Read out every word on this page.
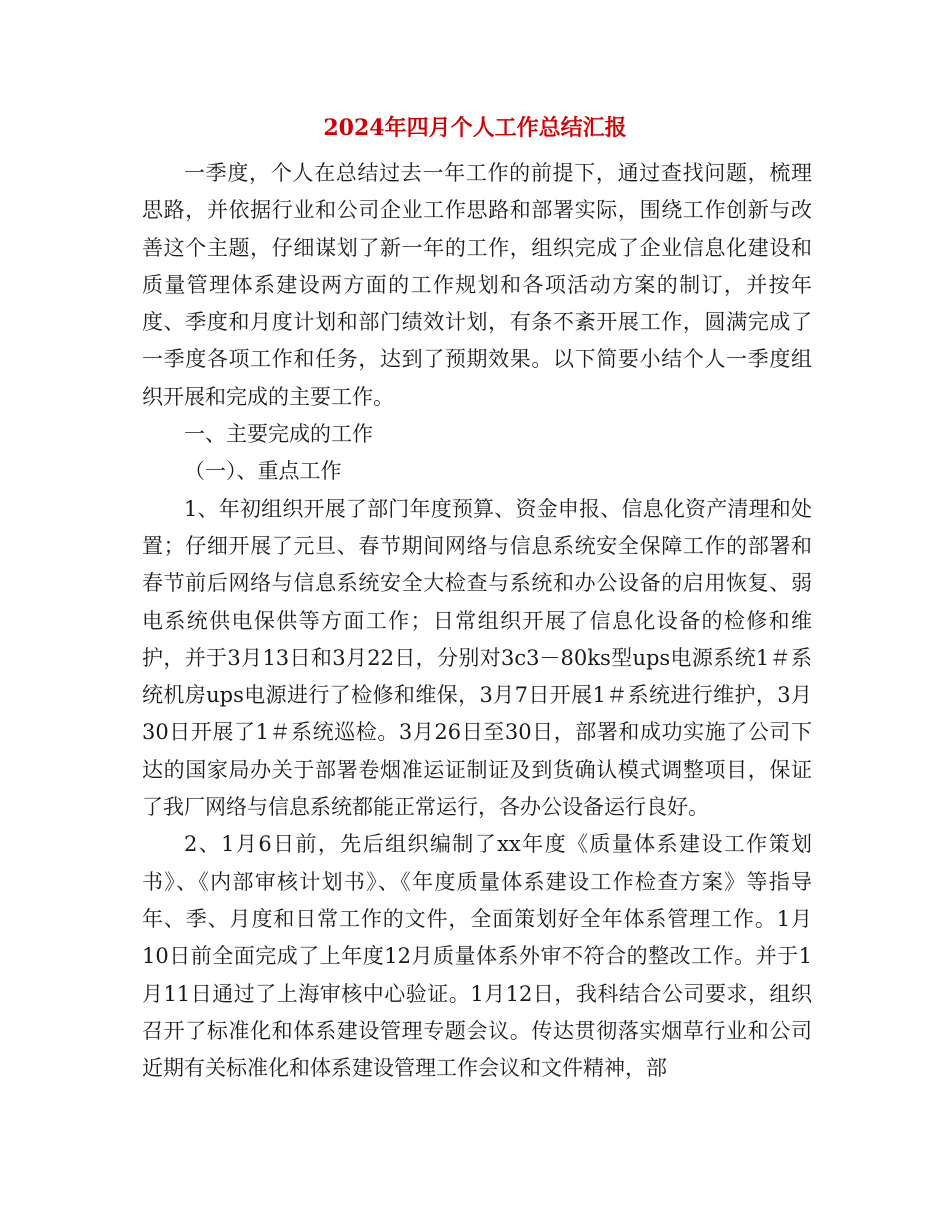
2024年四月个人工作总结汇报

一季度，个人在总结过去一年工作的前提下，通过查找问题，梳理思路，并依据行业和公司企业工作思路和部署实际，围绕工作创新与改善这个主题，仔细谋划了新一年的工作，组织完成了企业信息化建设和质量管理体系建设两方面的工作规划和各项活动方案的制订，并按年度、季度和月度计划和部门绩效计划，有条不紊开展工作，圆满完成了一季度各项工作和任务，达到了预期效果。以下简要小结个人一季度组织开展和完成的主要工作。

一、主要完成的工作

（一）、重点工作

1、年初组织开展了部门年度预算、资金申报、信息化资产清理和处置；仔细开展了元旦、春节期间网络与信息系统安全保障工作的部署和春节前后网络与信息系统安全大检查与系统和办公设备的启用恢复、弱电系统供电保供等方面工作；日常组织开展了信息化设备的检修和维护，并于3月13日和3月22日，分别对3c3－80ks型ups电源系统1＃系统机房ups电源进行了检修和维保，3月7日开展1＃系统进行维护，3月30日开展了1＃系统巡检。3月26日至30日，部署和成功实施了公司下达的国家局办关于部署卷烟准运证制证及到货确认模式调整项目，保证了我厂网络与信息系统都能正常运行，各办公设备运行良好。

2、1月6日前，先后组织编制了xx年度《质量体系建设工作策划书》、《内部审核计划书》、《年度质量体系建设工作检查方案》等指导年、季、月度和日常工作的文件，全面策划好全年体系管理工作。1月10日前全面完成了上年度12月质量体系外审不符合的整改工作。并于1月11日通过了上海审核中心验证。1月12日，我科结合公司要求，组织召开了标准化和体系建设管理专题会议。传达贯彻落实烟草行业和公司近期有关标准化和体系建设管理工作会议和文件精神，部
